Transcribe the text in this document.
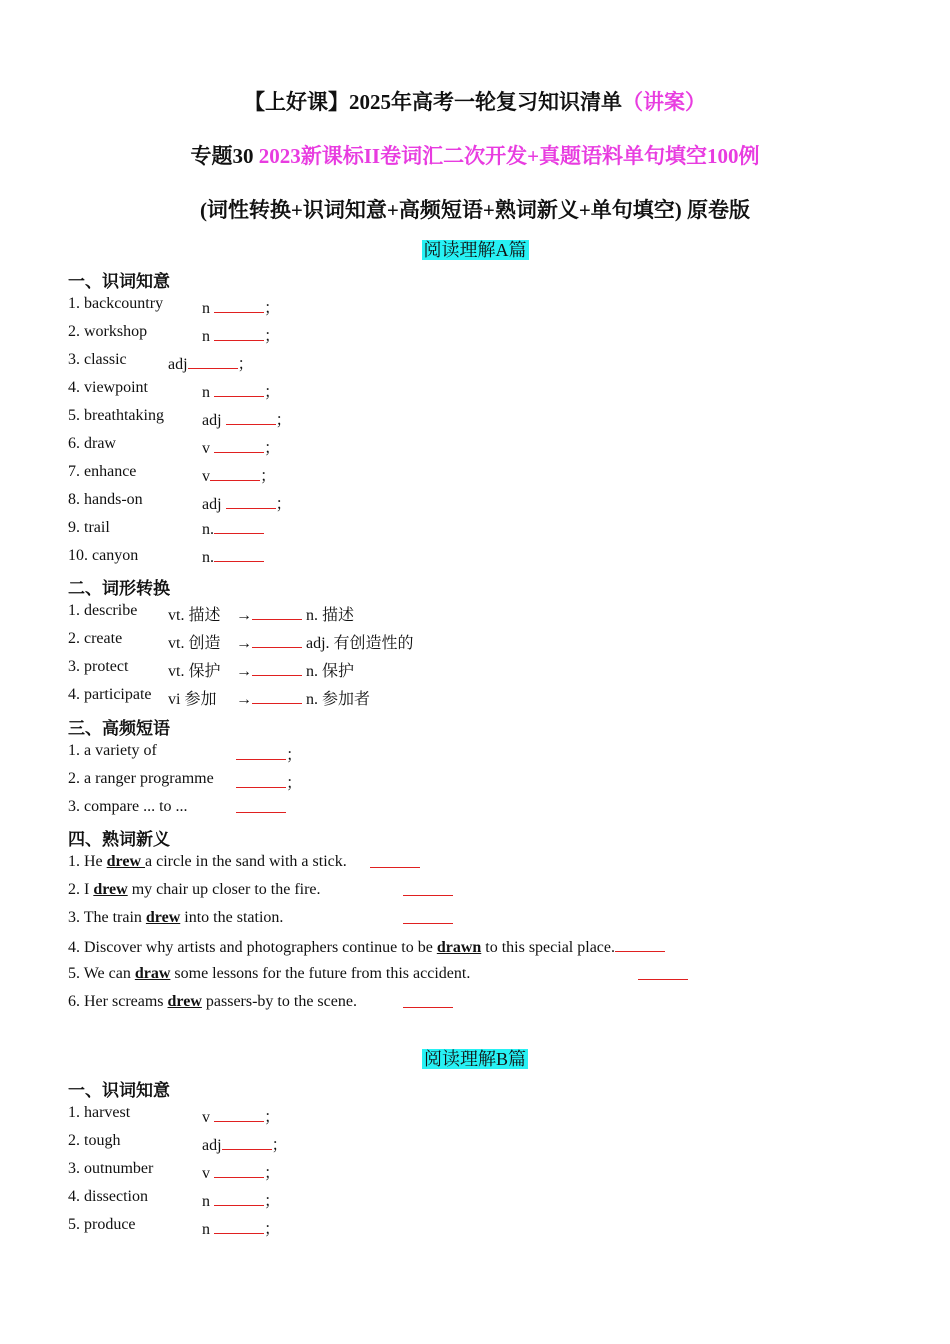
【上好课】2025年高考一轮复习知识清单（讲案）
专题30 2023新课标II卷词汇二次开发+真题语料单句填空100例
(词性转换+识词知意+高频短语+熟词新义+单句填空) 原卷版
阅读理解A篇
一、识词知意
1. backcountry n	；
2. workshop	n	；
3. classic	adj	；
4. viewpoint	n	；
5. breathtaking adj	；
6. draw	v	；
7. enhance	v	；
8. hands-on	adj	；
9. trail	n.
10. canyon	n.
二、词形转换
1. describe vt. 描述 →	n. 描述
2. create	vt. 创造 →	adj. 有创造性的
3. protect vt. 保护 →	n. 保护
4. participate vi 参加 →	n. 参加者
三、高频短语
1. a variety of	；
2. a ranger programme	；
3. compare ... to ...
四、熟词新义
1. He drew a circle in the sand with a stick.
2. I drew my chair up closer to the fire.
3. The train drew into the station.
4. Discover why artists and photographers continue to be drawn to this special place.
5. We can draw some lessons for the future from this accident.
6. Her screams drew passers-by to the scene.
阅读理解B篇
一、识词知意
1. harvest	v	；
2. tough	adj	；
3. outnumber	v	；
4. dissection	n	；
5. produce	n	；
